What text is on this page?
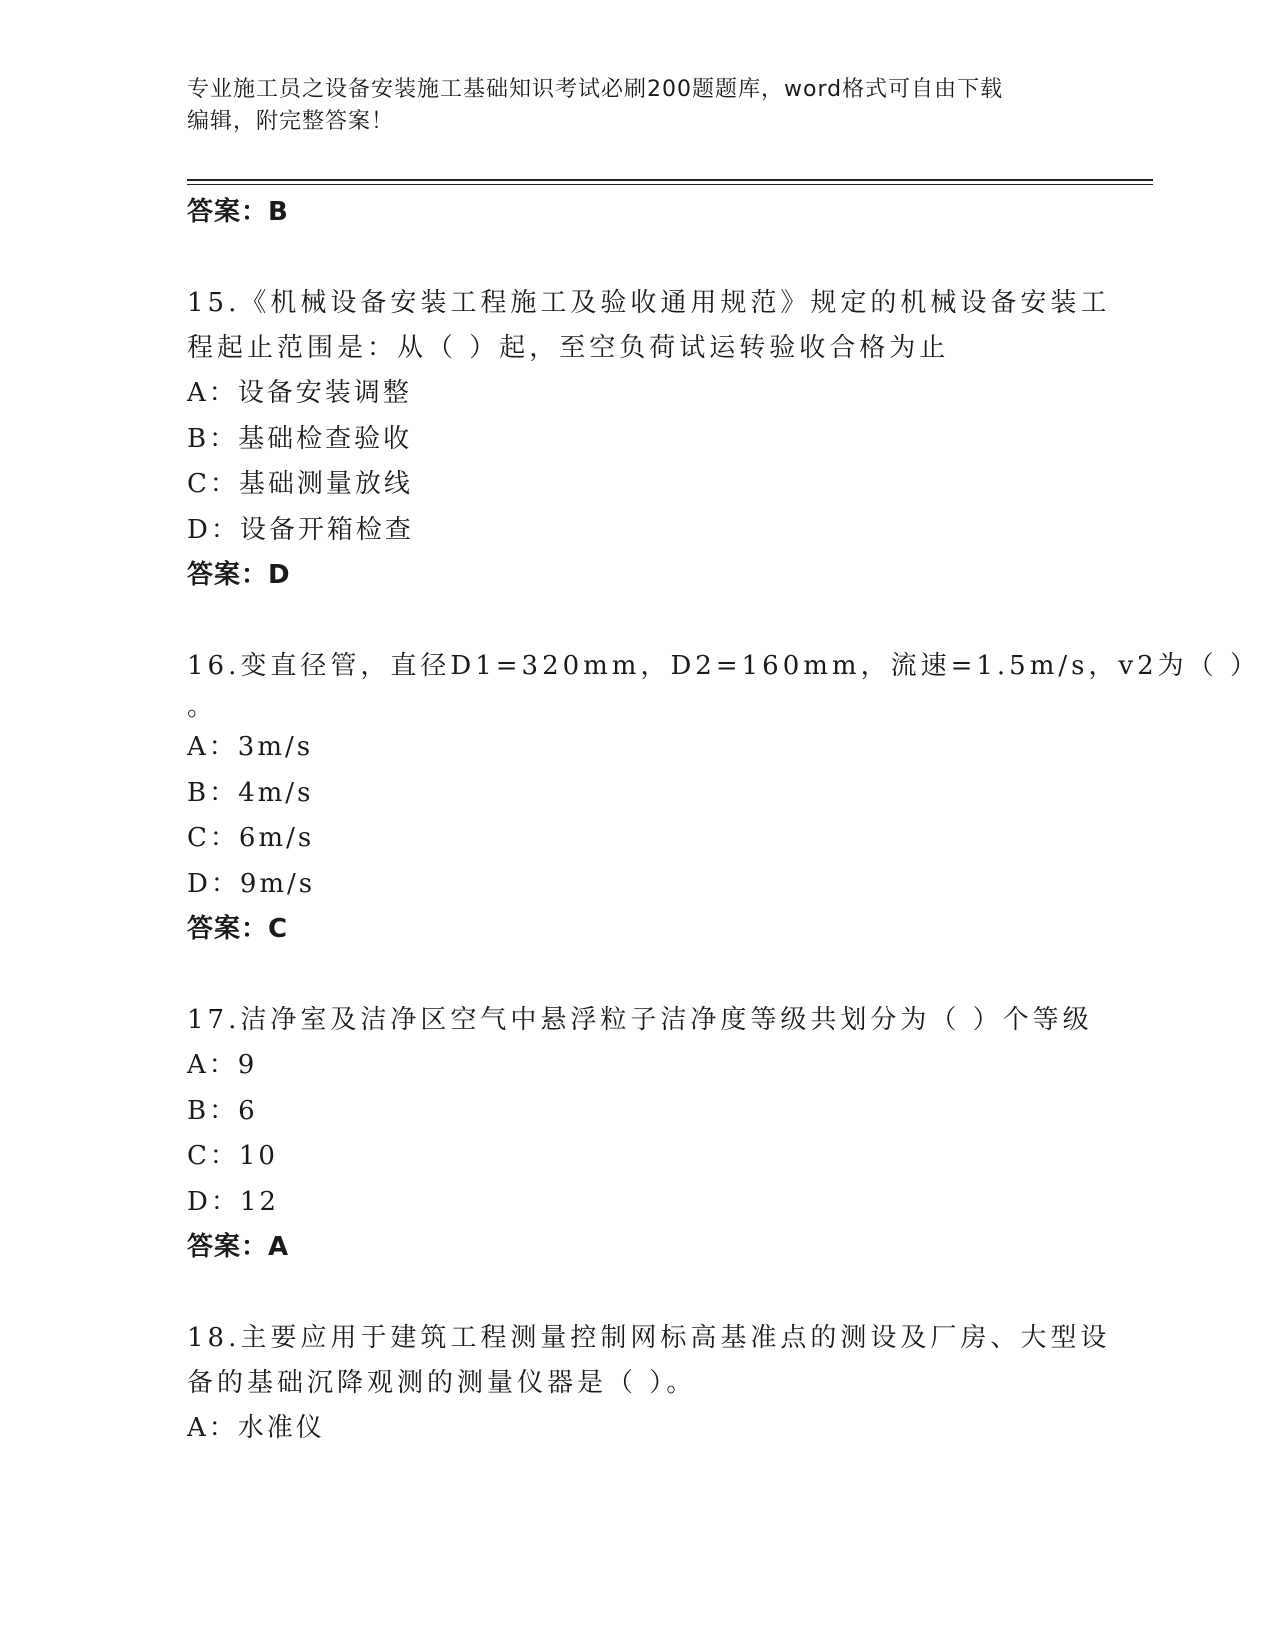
专业施工员之设备安装施工基础知识考试必刷200题题库，word格式可自由下载
编辑，附完整答案！
答案：B
15.《机械设备安装工程施工及验收通用规范》规定的机械设备安装工
程起止范围是：从（ ）起，至空负荷试运转验收合格为止
A：设备安装调整
B：基础检查验收
C：基础测量放线
D：设备开箱检查
答案：D
16.变直径管，直径D1=320mm，D2=160mm，流速=1.5m/s，v2为（ ）
。
A：3m/s
B：4m/s
C：6m/s
D：9m/s
答案：C
17.洁净室及洁净区空气中悬浮粒子洁净度等级共划分为（ ）个等级
A：9
B：6
C：10
D：12
答案：A
18.主要应用于建筑工程测量控制网标高基准点的测设及厂房、大型设
备的基础沉降观测的测量仪器是（ ）。
A：水准仪
